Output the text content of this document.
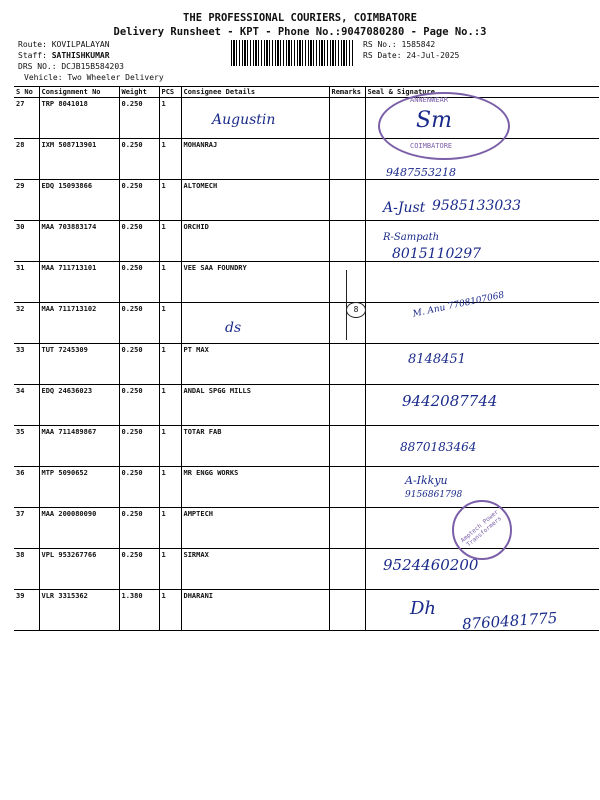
THE PROFESSIONAL COURIERS, COIMBATORE
Delivery Runsheet - KPT - Phone No.:9047080280 - Page No.:3
Route: KOVILPALAYAN
Staff: SATHISHKUMAR
DRS NO.: DCJB15B584203
Vehicle: Two Wheeler Delivery
RS No.: 1585842
RS Date: 24-Jul-2025
S No	Consignment No	Weight	PCS	Consignee Details	Remarks	Seal & Signature
27	TRP 8041018	0.250	1			
28	IXM 508713901	0.250	1	MOHANRAJ		
29	EDQ 15093866	0.250	1	ALTOMECH		
30	MAA 703883174	0.250	1	ORCHID		
31	MAA 711713101	0.250	1	VEE SAA FOUNDRY		
32	MAA 711713102	0.250	1			
33	TUT 7245309	0.250	1	PT MAX		
34	EDQ 24636023	0.250	1	ANDAL SPGG MILLS		
35	MAA 711489867	0.250	1	TOTAR FAB		
36	MTP 5090652	0.250	1	MR ENGG WORKS		
37	MAA 200080090	0.250	1	AMPTECH		
38	VPL 953267766	0.250	1	SIRMAX		
39	VLR 3315362	1.380	1	DHARANI		
Augustin
9487553218
A-Just 9585133033
R-Sampath
8015110297
8	M. Anu 7708107068
ds
8148451
9442087744
8870183464
A-Ikkyu
9156861798
9524460200
8760481775
Dh
ANNENWEAR
COIMBATORE
Sm
Amptech Power Transformers
